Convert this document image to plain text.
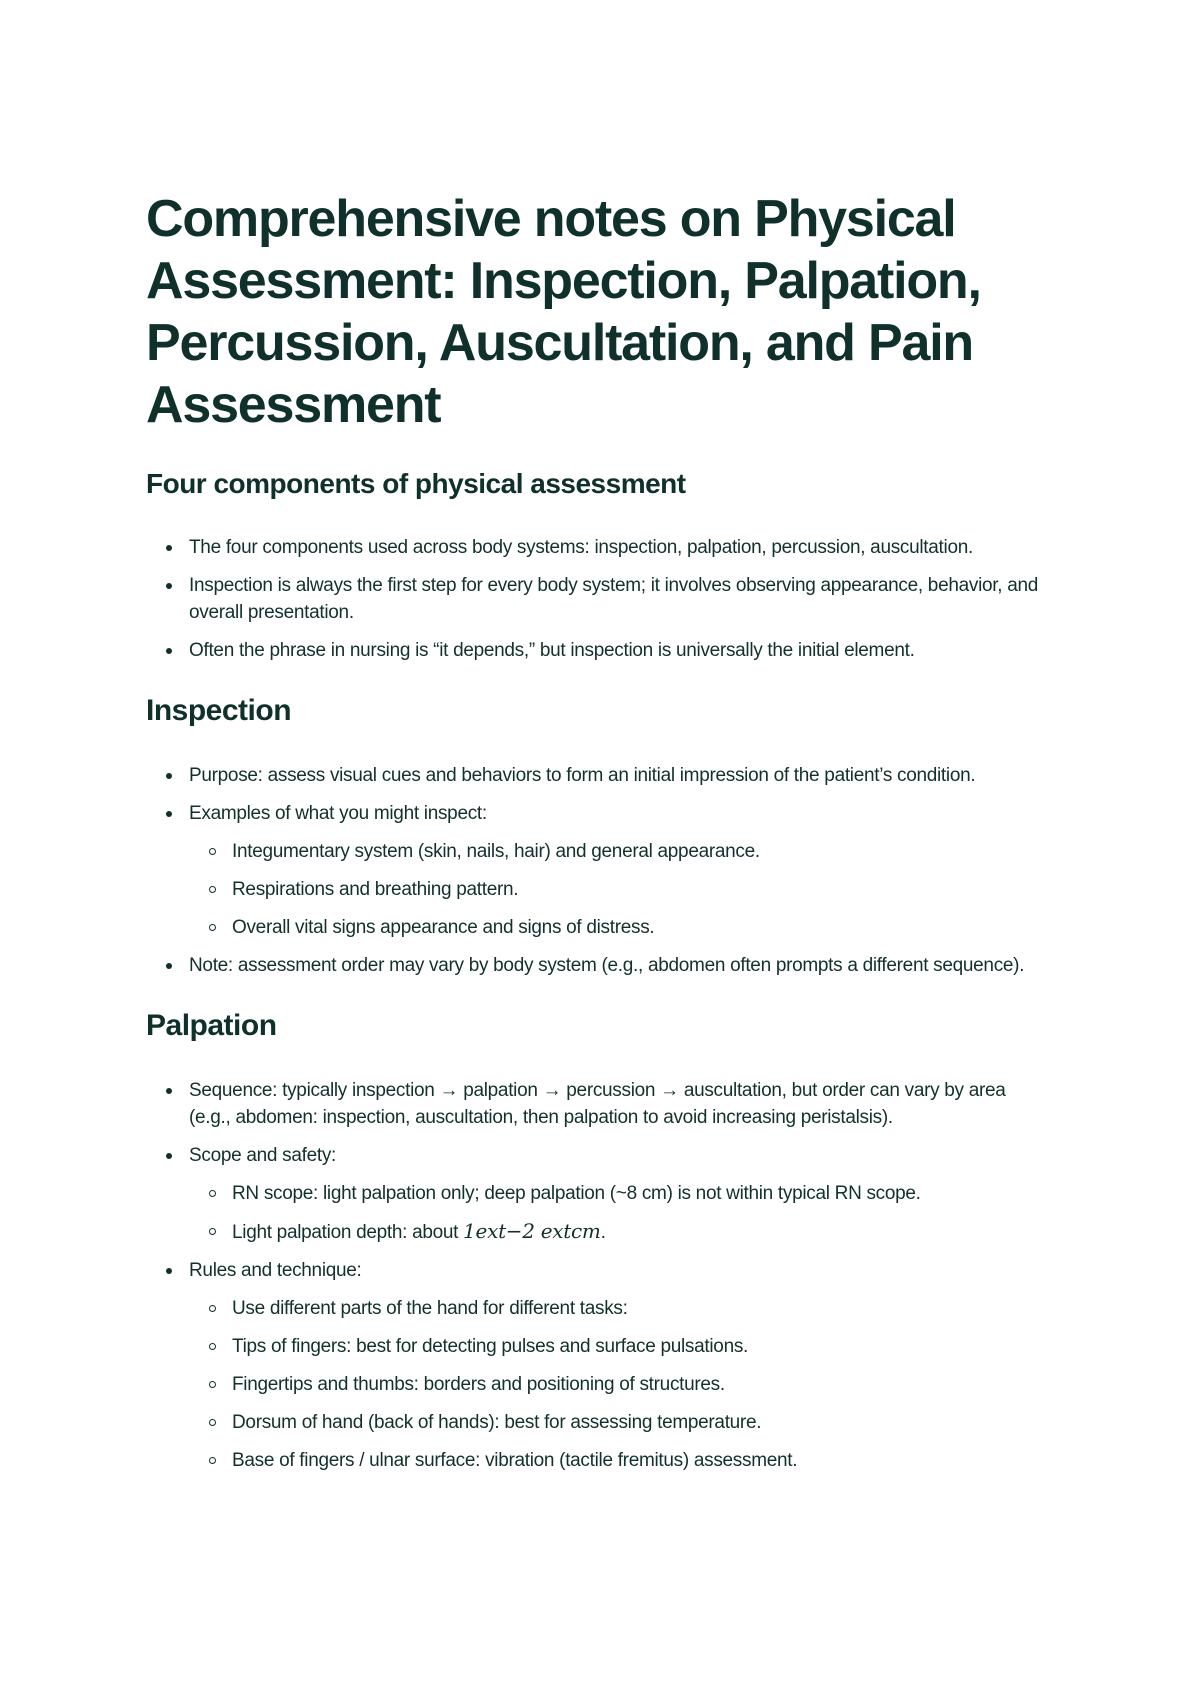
Comprehensive notes on Physical Assessment: Inspection, Palpation, Percussion, Auscultation, and Pain Assessment
Four components of physical assessment
The four components used across body systems: inspection, palpation, percussion, auscultation.
Inspection is always the first step for every body system; it involves observing appearance, behavior, and overall presentation.
Often the phrase in nursing is “it depends,” but inspection is universally the initial element.
Inspection
Purpose: assess visual cues and behaviors to form an initial impression of the patient’s condition.
Examples of what you might inspect:
Integumentary system (skin, nails, hair) and general appearance.
Respirations and breathing pattern.
Overall vital signs appearance and signs of distress.
Note: assessment order may vary by body system (e.g., abdomen often prompts a different sequence).
Palpation
Sequence: typically inspection → palpation → percussion → auscultation, but order can vary by area (e.g., abdomen: inspection, auscultation, then palpation to avoid increasing peristalsis).
Scope and safety:
RN scope: light palpation only; deep palpation (~8 cm) is not within typical RN scope.
Light palpation depth: about 1ext−2 extcm.
Rules and technique:
Use different parts of the hand for different tasks:
Tips of fingers: best for detecting pulses and surface pulsations.
Fingertips and thumbs: borders and positioning of structures.
Dorsum of hand (back of hands): best for assessing temperature.
Base of fingers / ulnar surface: vibration (tactile fremitus) assessment.
